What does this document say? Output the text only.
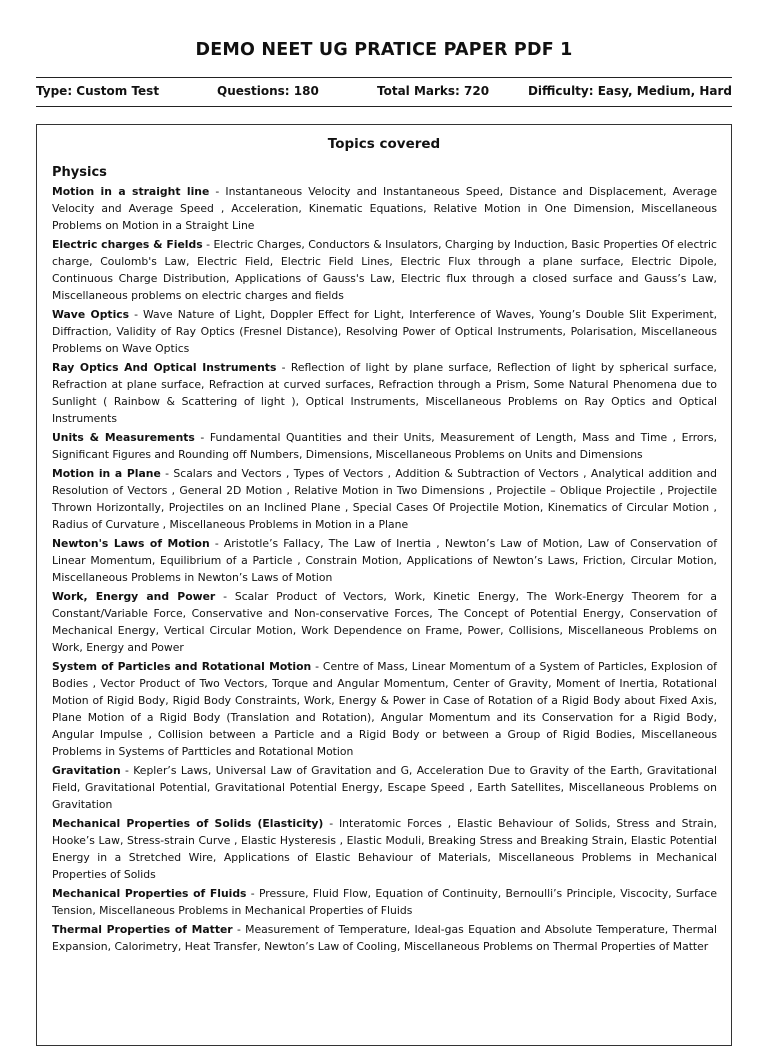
DEMO NEET UG PRATICE PAPER PDF 1
Type: Custom Test	Questions: 180	Total Marks: 720	Difficulty: Easy, Medium, Hard
Topics covered
Physics
Motion in a straight line - Instantaneous Velocity and Instantaneous Speed, Distance and Displacement, Average Velocity and Average Speed , Acceleration, Kinematic Equations, Relative Motion in One Dimension, Miscellaneous Problems on Motion in a Straight Line
Electric charges & Fields - Electric Charges, Conductors & Insulators, Charging by Induction, Basic Properties Of electric charge, Coulomb's Law, Electric Field, Electric Field Lines, Electric Flux through a plane surface, Electric Dipole, Continuous Charge Distribution, Applications of Gauss's Law, Electric flux through a closed surface and Gauss’s Law, Miscellaneous problems on electric charges and fields
Wave Optics - Wave Nature of Light, Doppler Effect for Light, Interference of Waves, Young’s Double Slit Experiment, Diffraction, Validity of Ray Optics (Fresnel Distance), Resolving Power of Optical Instruments, Polarisation, Miscellaneous Problems on Wave Optics
Ray Optics And Optical Instruments - Reflection of light by plane surface, Reflection of light by spherical surface, Refraction at plane surface, Refraction at curved surfaces, Refraction through a Prism, Some Natural Phenomena due to Sunlight ( Rainbow & Scattering of light ), Optical Instruments, Miscellaneous Problems on Ray Optics and Optical Instruments
Units & Measurements - Fundamental Quantities and their Units, Measurement of Length, Mass and Time , Errors, Significant Figures and Rounding off Numbers, Dimensions, Miscellaneous Problems on Units and Dimensions
Motion in a Plane - Scalars and Vectors , Types of Vectors , Addition & Subtraction of Vectors , Analytical addition and Resolution of Vectors , General 2D Motion , Relative Motion in Two Dimensions , Projectile – Oblique Projectile , Projectile Thrown Horizontally, Projectiles on an Inclined Plane , Special Cases Of Projectile Motion, Kinematics of Circular Motion , Radius of Curvature , Miscellaneous Problems in Motion in a Plane
Newton's Laws of Motion - Aristotle’s Fallacy, The Law of Inertia , Newton’s Law of Motion, Law of Conservation of Linear Momentum, Equilibrium of a Particle , Constrain Motion, Applications of Newton’s Laws, Friction, Circular Motion, Miscellaneous Problems in Newton’s Laws of Motion
Work, Energy and Power - Scalar Product of Vectors, Work, Kinetic Energy, The Work-Energy Theorem for a Constant/Variable Force, Conservative and Non-conservative Forces, The Concept of Potential Energy, Conservation of Mechanical Energy, Vertical Circular Motion, Work Dependence on Frame, Power, Collisions, Miscellaneous Problems on Work, Energy and Power
System of Particles and Rotational Motion - Centre of Mass, Linear Momentum of a System of Particles, Explosion of Bodies , Vector Product of Two Vectors, Torque and Angular Momentum, Center of Gravity, Moment of Inertia, Rotational Motion of Rigid Body, Rigid Body Constraints, Work, Energy & Power in Case of Rotation of a Rigid Body about Fixed Axis, Plane Motion of a Rigid Body (Translation and Rotation), Angular Momentum and its Conservation for a Rigid Body, Angular Impulse , Collision between a Particle and a Rigid Body or between a Group of Rigid Bodies, Miscellaneous Problems in Systems of Partticles and Rotational Motion
Gravitation - Kepler’s Laws, Universal Law of Gravitation and G, Acceleration Due to Gravity of the Earth, Gravitational Field, Gravitational Potential, Gravitational Potential Energy, Escape Speed , Earth Satellites, Miscellaneous Problems on Gravitation
Mechanical Properties of Solids (Elasticity) - Interatomic Forces , Elastic Behaviour of Solids, Stress and Strain, Hooke’s Law, Stress-strain Curve , Elastic Hysteresis , Elastic Moduli, Breaking Stress and Breaking Strain, Elastic Potential Energy in a Stretched Wire, Applications of Elastic Behaviour of Materials, Miscellaneous Problems in Mechanical Properties of Solids
Mechanical Properties of Fluids - Pressure, Fluid Flow, Equation of Continuity, Bernoulli’s Principle, Viscocity, Surface Tension, Miscellaneous Problems in Mechanical Properties of Fluids
Thermal Properties of Matter - Measurement of Temperature, Ideal-gas Equation and Absolute Temperature, Thermal Expansion, Calorimetry, Heat Transfer, Newton’s Law of Cooling, Miscellaneous Problems on Thermal Properties of Matter
